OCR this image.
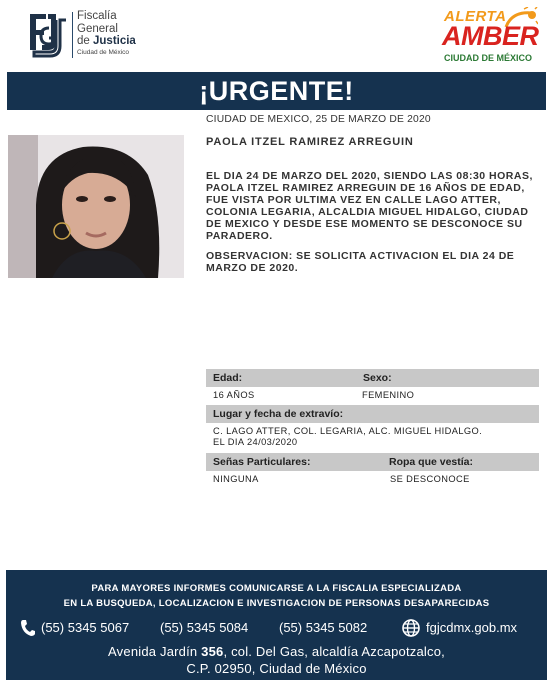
Fiscalía
General
de Justicia
Ciudad de México
ALERTA
AMBER
CIUDAD DE MÉXICO
¡URGENTE!
CIUDAD DE MEXICO, 25 DE MARZO DE 2020
PAOLA ITZEL RAMIREZ ARREGUIN
EL DIA 24 DE MARZO DEL 2020, SIENDO LAS 08:30 HORAS, PAOLA ITZEL RAMIREZ ARREGUIN DE 16 AÑOS DE EDAD, FUE VISTA POR ULTIMA VEZ EN CALLE LAGO ATTER, COLONIA LEGARIA, ALCALDIA MIGUEL HIDALGO, CIUDAD DE MEXICO Y DESDE ESE MOMENTO SE DESCONOCE SU PARADERO.
OBSERVACION: SE SOLICITA ACTIVACION EL DIA 24 DE MARZO DE 2020.
Edad:	Sexo:
16 AÑOS	FEMENINO
Lugar y fecha de extravío:
C. LAGO ATTER, COL. LEGARIA, ALC. MIGUEL HIDALGO.
EL DIA 24/03/2020
Señas Particulares:	Ropa que vestía:
NINGUNA	SE DESCONOCE
PARA MAYORES INFORMES COMUNICARSE A LA FISCALIA ESPECIALIZADA
EN LA BUSQUEDA, LOCALIZACION E INVESTIGACION DE PERSONAS DESAPARECIDAS
(55) 5345 5067 (55) 5345 5084 (55) 5345 5082	fgjcdmx.gob.mx
Avenida Jardín 356, col. Del Gas, alcaldía Azcapotzalco,
C.P. 02950, Ciudad de México
